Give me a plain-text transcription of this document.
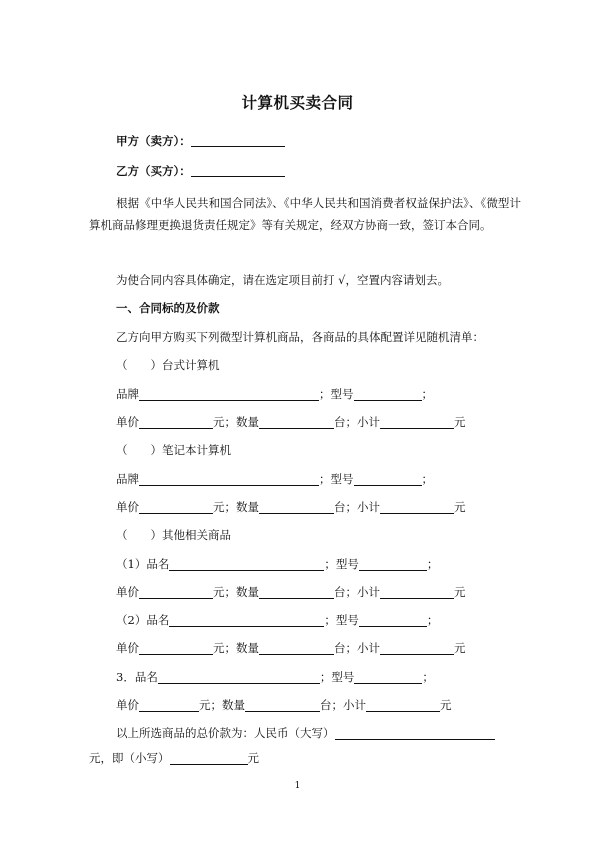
计算机买卖合同
甲方（卖方）：
乙方（买方）：
根据《中华人民共和国合同法》、《中华人民共和国消费者权益保护法》、《微型计算机商品修理更换退货责任规定》等有关规定，经双方协商一致，签订本合同。
为使合同内容具体确定，请在选定项目前打 √，空置内容请划去。
一、合同标的及价款
乙方向甲方购买下列微型计算机商品，各商品的具体配置详见随机清单：
（　　）台式计算机
品牌	；型号	；
单价	元；数量	台；小计	元
（　　）笔记本计算机
品牌	；型号	；
单价	元；数量	台；小计	元
（　　）其他相关商品
（1）品名	；型号	；
单价	元；数量	台；小计	元
（2）品名	；型号	；
单价	元；数量	台；小计	元
3．品名	；型号	；
单价	元；数量	台；小计	元
以上所选商品的总价款为：人民币（大写）
元，即（小写）	元
1
